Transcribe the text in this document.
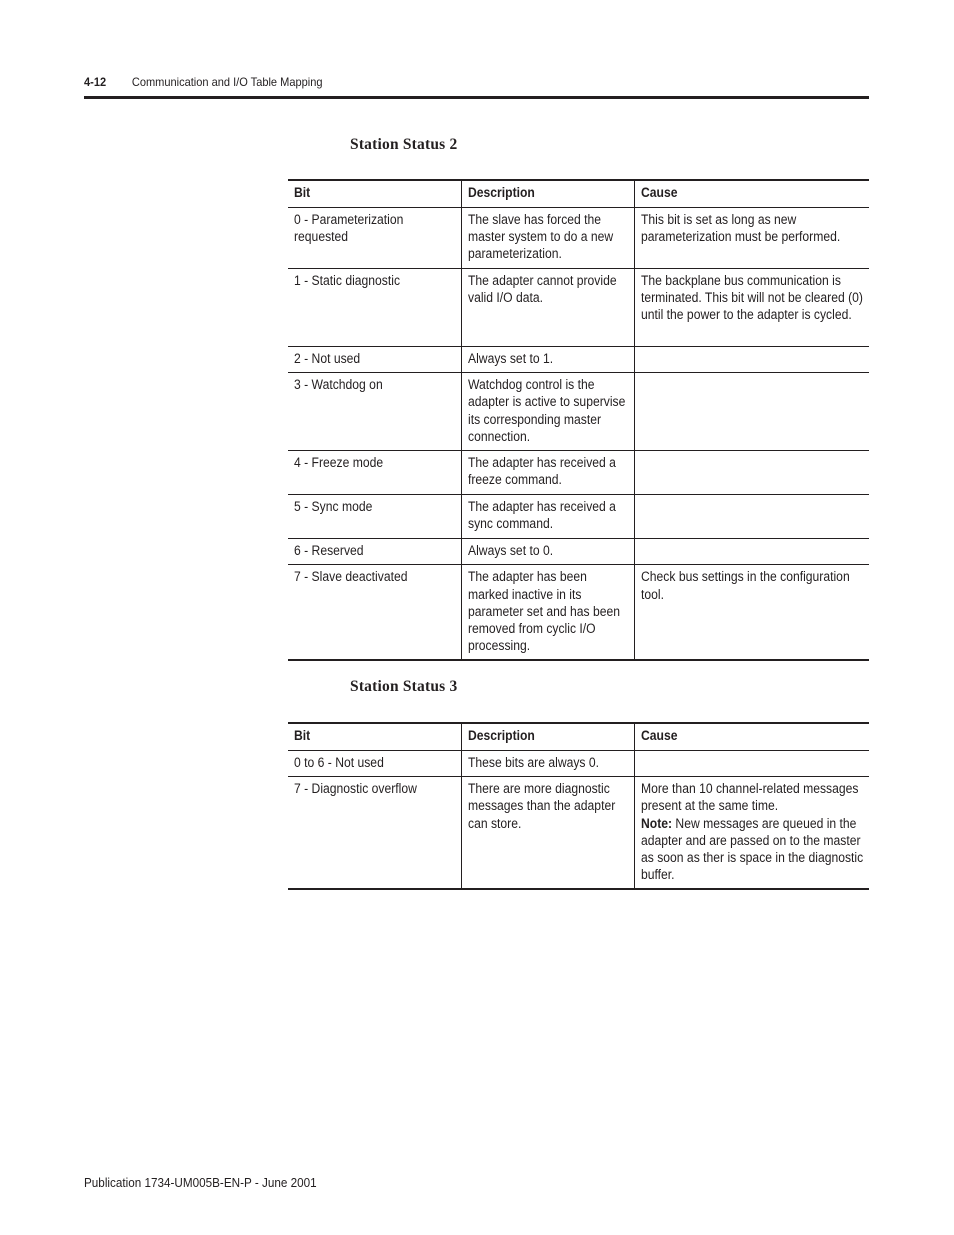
4-12 Communication and I/O Table Mapping
Station Status 2
Bit	Description	Cause

0 - Parameterization requested	The slave has forced the master system to do a new parameterization.	This bit is set as long as new parameterization must be performed.

1 - Static diagnostic	The adapter cannot provide valid I/O data.	The backplane bus communication is terminated. This bit will not be cleared (0) until the power to the adapter is cycled.

2 - Not used	Always set to 1.	

3 - Watchdog on	Watchdog control is the adapter is active to supervise its corresponding master connection.	

4 - Freeze mode	The adapter has received a freeze command.	

5 - Sync mode	The adapter has received a sync command.	

6 - Reserved	Always set to 0.	

7 - Slave deactivated	The adapter has been marked inactive in its parameter set and has been removed from cyclic I/O processing.	Check bus settings in the configuration tool.
Station Status 3
Bit	Description	Cause

0 to 6 - Not used	These bits are always 0.	

7 - Diagnostic overflow	There are more diagnostic messages than the adapter can store.	More than 10 channel-related messages present at the same time.
Note: New messages are queued in the adapter and are passed on to the master as soon as ther is space in the diagnostic buffer.
Publication 1734-UM005B-EN-P - June 2001
